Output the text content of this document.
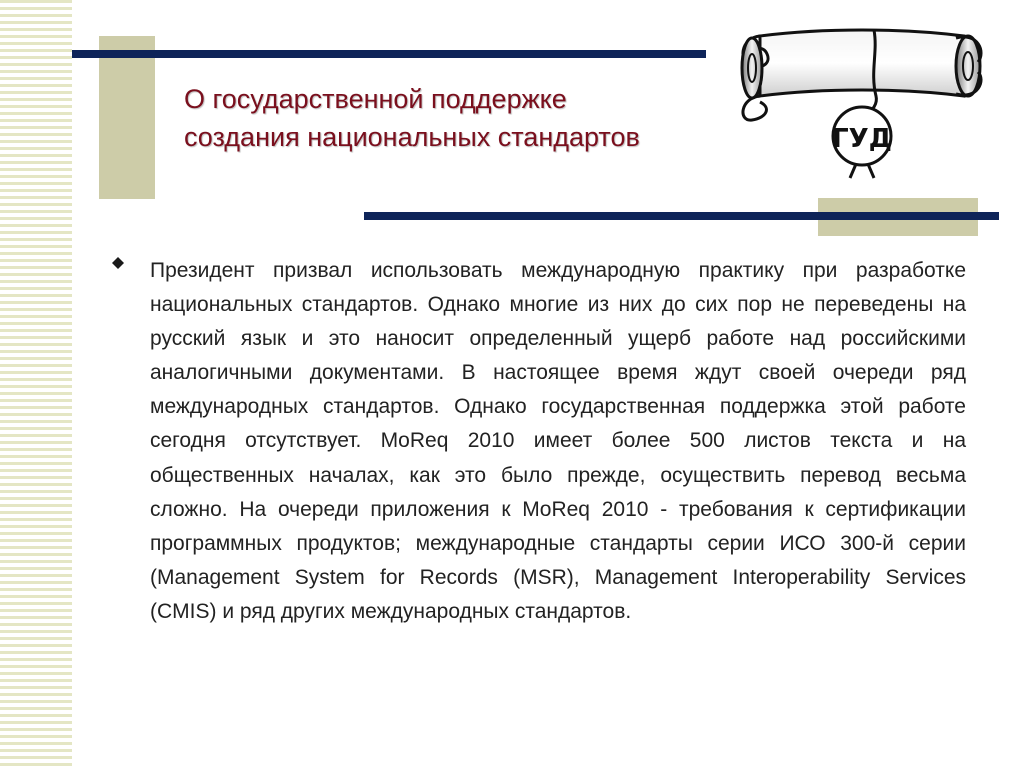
О государственной поддержке
создания национальных стандартов	ГУД

Президент призвал использовать международную практику при разработке национальных стандартов. Однако многие из них до сих пор не переведены на русский язык и это наносит определенный ущерб работе над российскими аналогичными документами. В настоящее время ждут своей очереди ряд международных стандартов. Однако государственная поддержка этой работе сегодня отсутствует. MoReq 2010 имеет более 500 листов текста и на общественных началах, как это было прежде, осуществить перевод весьма сложно. На очереди приложения к MoReq 2010 - требования к сертификации программных продуктов; международные стандарты серии ИСО 300-й серии (Management System for Records (MSR), Management Interoperability Services (CMIS) и ряд других международных стандартов.
